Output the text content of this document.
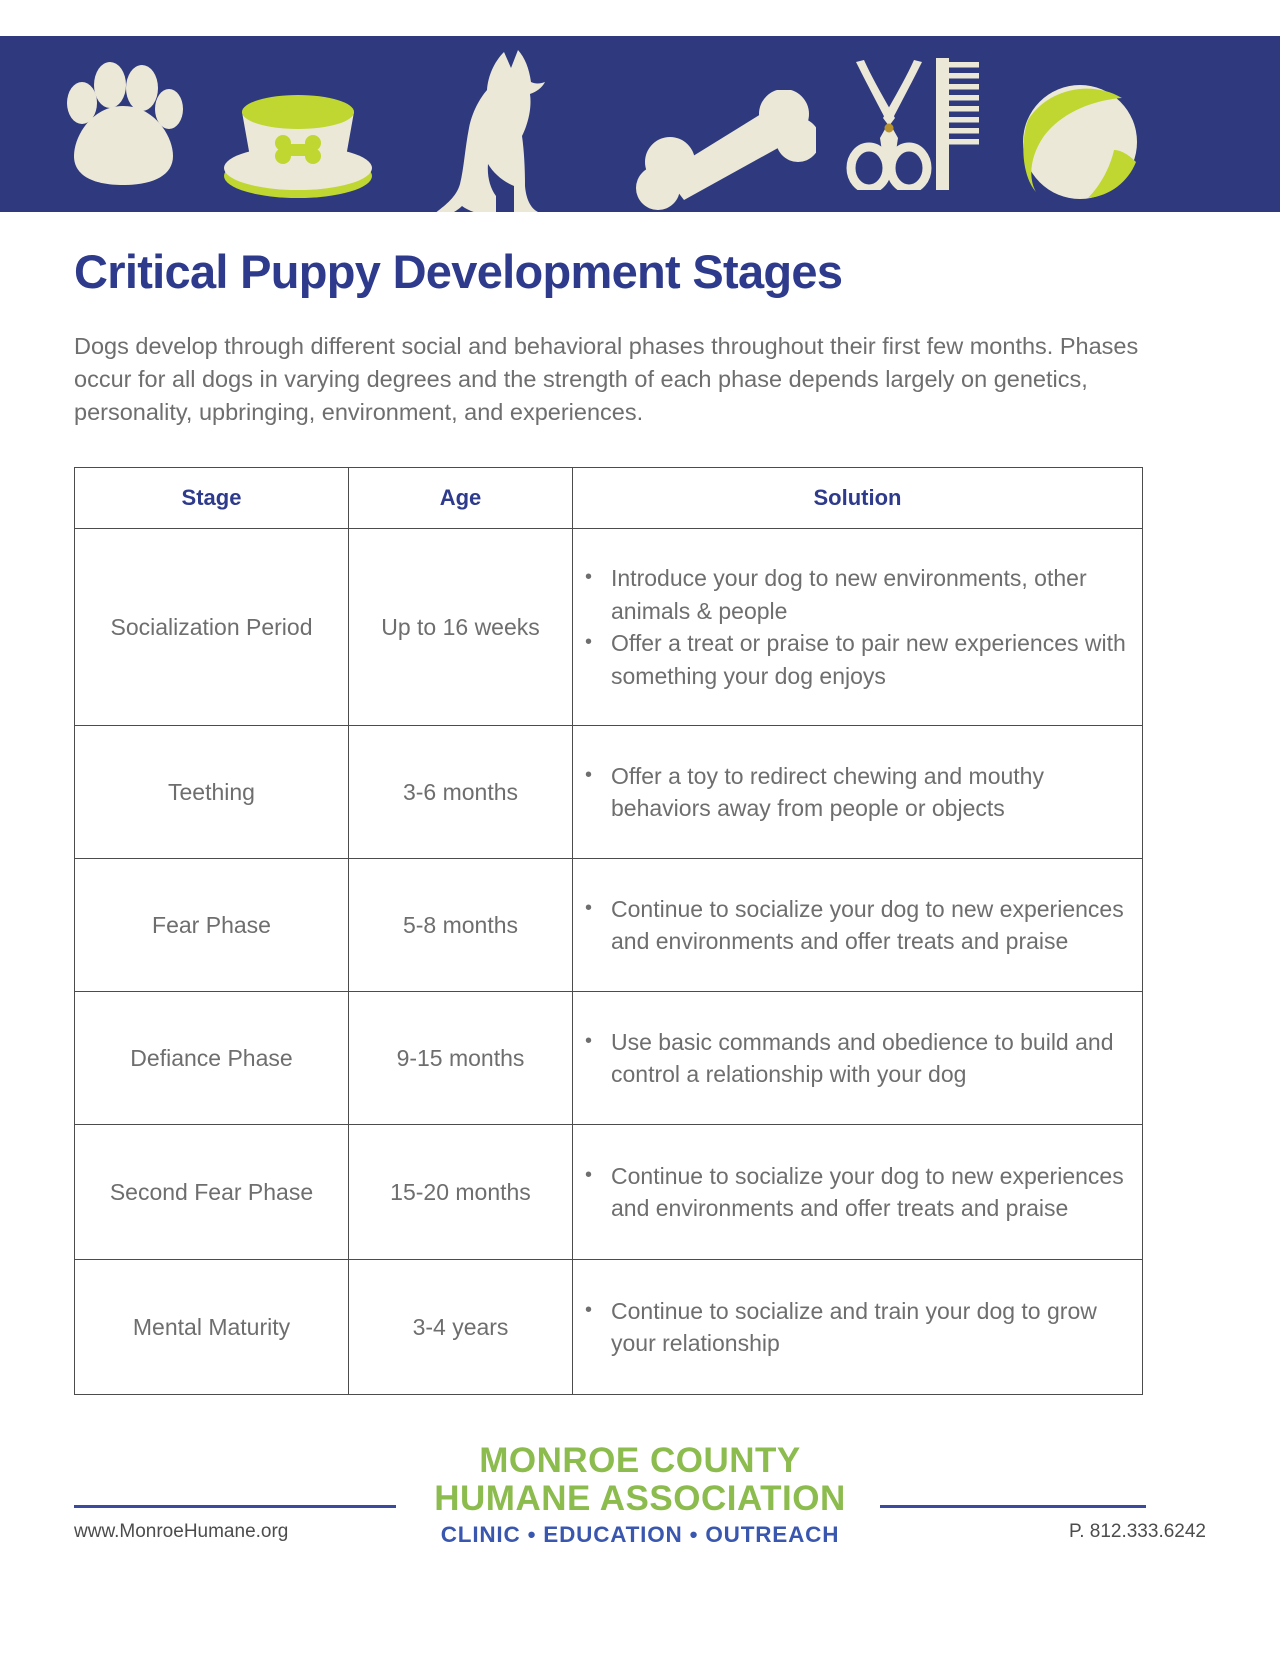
Critical Puppy Development Stages

Dogs develop through different social and behavioral phases throughout their first few months. Phases occur for all dogs in varying degrees and the strength of each phase depends largely on genetics, personality, upbringing, environment, and experiences.

Stage	Age	Solution
Socialization Period	Up to 16 weeks	
• Introduce your dog to new environments, other animals & people
• Offer a treat or praise to pair new experiences with something your dog enjoys

Teething	3-6 months	
• Offer a toy to redirect chewing and mouthy behaviors away from people or objects

Fear Phase	5-8 months	
• Continue to socialize your dog to new experiences and environments and offer treats and praise

Defiance Phase	9-15 months	
• Use basic commands and obedience to build and control a relationship with your dog

Second Fear Phase	15-20 months	
• Continue to socialize your dog to new experiences and environments and offer treats and praise

Mental Maturity	3-4 years	
• Continue to socialize and train your dog to grow your relationship
MONROE COUNTY
HUMANE ASSOCIATION
CLINIC • EDUCATION • OUTREACH
www.MonroeHumane.org	P. 812.333.6242
